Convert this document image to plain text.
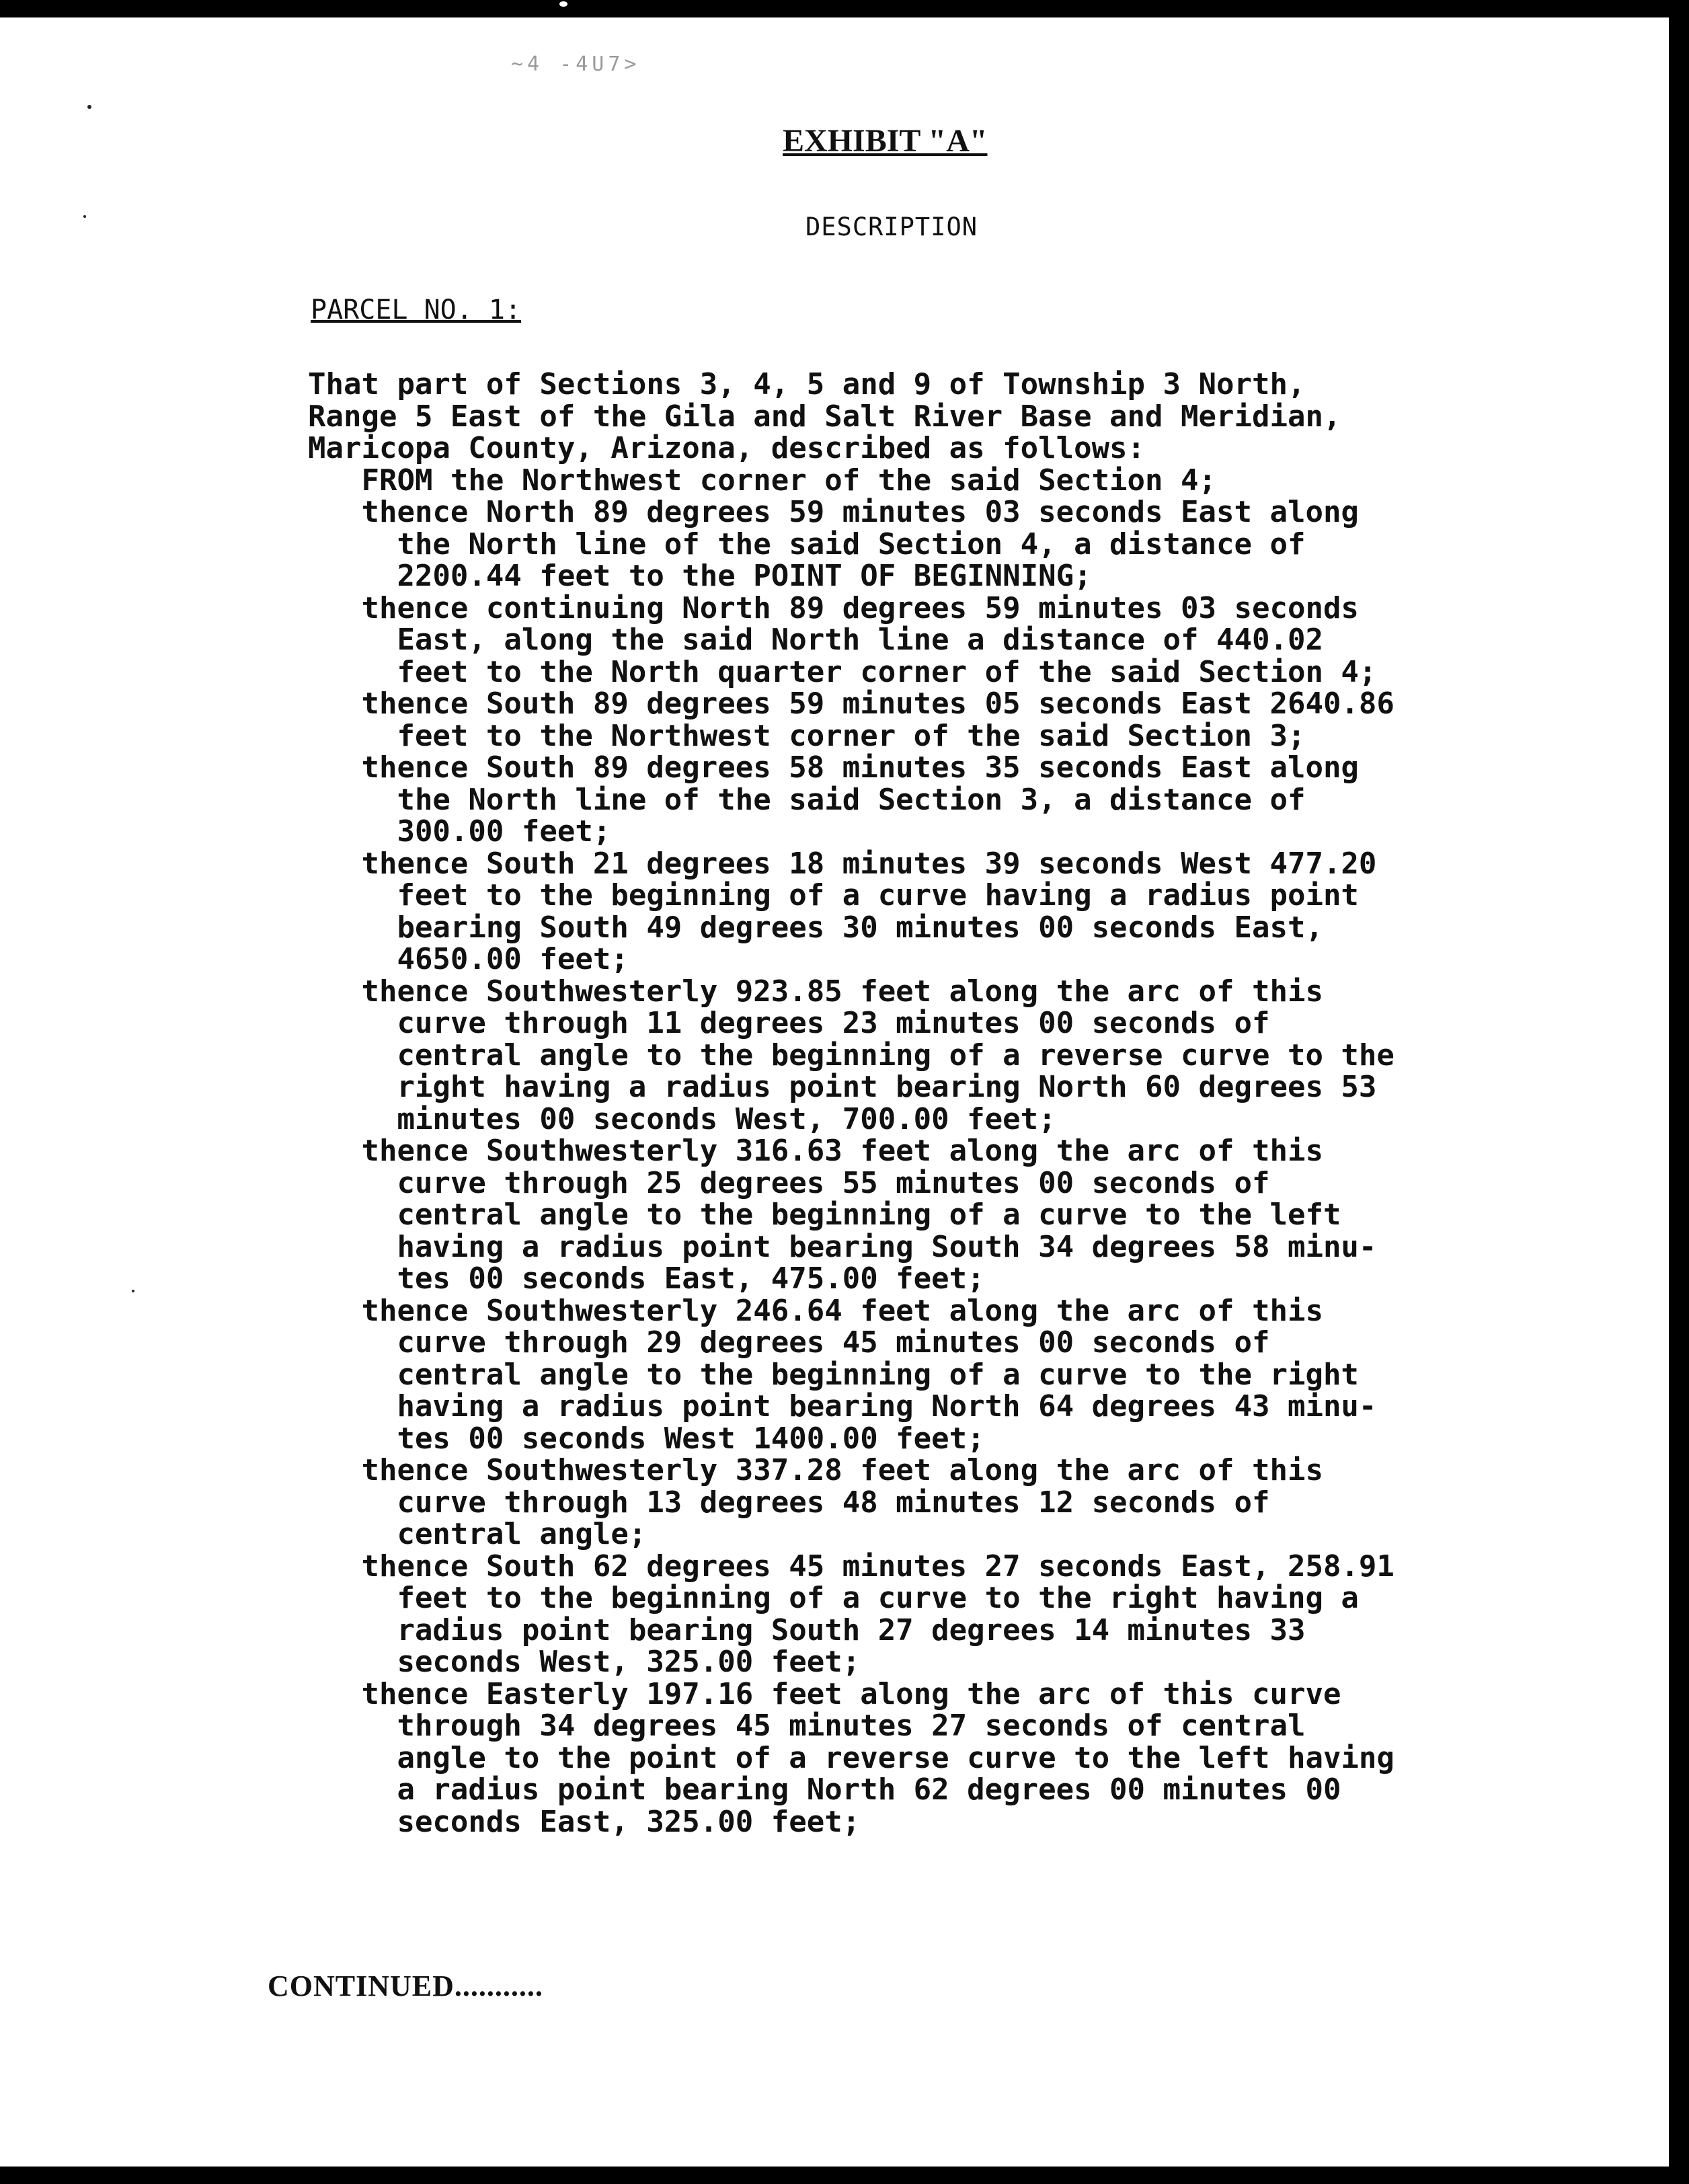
~4 -4U7>
EXHIBIT "A"
DESCRIPTION
PARCEL NO. 1:
That part of Sections 3, 4, 5 and 9 of Township 3 North,
Range 5 East of the Gila and Salt River Base and Meridian,
Maricopa County, Arizona, described as follows:
FROM the Northwest corner of the said Section 4;
thence North 89 degrees 59 minutes 03 seconds East along
the North line of the said Section 4, a distance of
2200.44 feet to the POINT OF BEGINNING;
thence continuing North 89 degrees 59 minutes 03 seconds
East, along the said North line a distance of 440.02
feet to the North quarter corner of the said Section 4;
thence South 89 degrees 59 minutes 05 seconds East 2640.86
feet to the Northwest corner of the said Section 3;
thence South 89 degrees 58 minutes 35 seconds East along
the North line of the said Section 3, a distance of
300.00 feet;
thence South 21 degrees 18 minutes 39 seconds West 477.20
feet to the beginning of a curve having a radius point
bearing South 49 degrees 30 minutes 00 seconds East,
4650.00 feet;
thence Southwesterly 923.85 feet along the arc of this
curve through 11 degrees 23 minutes 00 seconds of
central angle to the beginning of a reverse curve to the
right having a radius point bearing North 60 degrees 53
minutes 00 seconds West, 700.00 feet;
thence Southwesterly 316.63 feet along the arc of this
curve through 25 degrees 55 minutes 00 seconds of
central angle to the beginning of a curve to the left
having a radius point bearing South 34 degrees 58 minu-
tes 00 seconds East, 475.00 feet;
thence Southwesterly 246.64 feet along the arc of this
curve through 29 degrees 45 minutes 00 seconds of
central angle to the beginning of a curve to the right
having a radius point bearing North 64 degrees 43 minu-
tes 00 seconds West 1400.00 feet;
thence Southwesterly 337.28 feet along the arc of this
curve through 13 degrees 48 minutes 12 seconds of
central angle;
thence South 62 degrees 45 minutes 27 seconds East, 258.91
feet to the beginning of a curve to the right having a
radius point bearing South 27 degrees 14 minutes 33
seconds West, 325.00 feet;
thence Easterly 197.16 feet along the arc of this curve
through 34 degrees 45 minutes 27 seconds of central
angle to the point of a reverse curve to the left having
a radius point bearing North 62 degrees 00 minutes 00
seconds East, 325.00 feet;
CONTINUED...........
